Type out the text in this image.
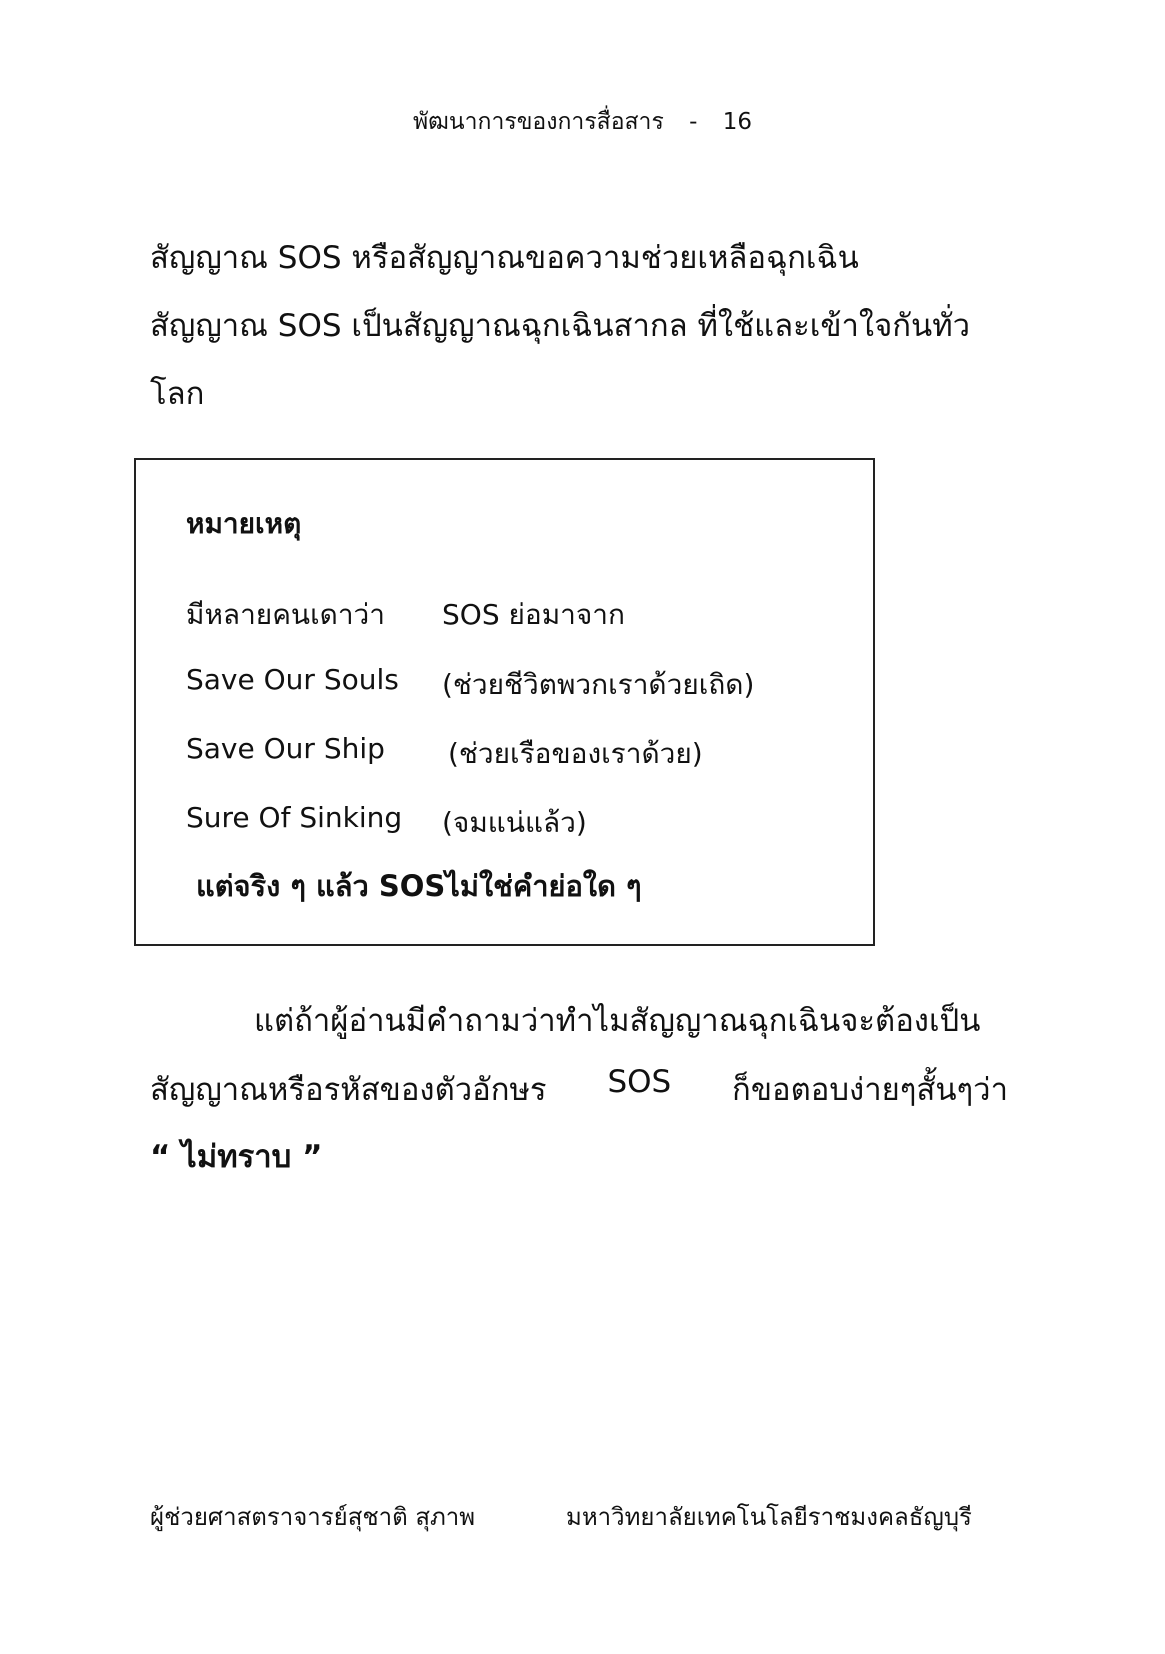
พัฒนาการของการสื่อสาร - 16
สัญญาณ SOS หรือสัญญาณขอความช่วยเหลือฉุกเฉิน
สัญญาณ SOS เป็นสัญญาณฉุกเฉินสากล ที่ใช้และเข้าใจกันทั่ว
โลก
หมายเหตุ
มีหลายคนเดาว่า SOS ย่อมาจาก
Save Our Souls (ช่วยชีวิตพวกเราด้วยเถิด)
Save Our Ship (ช่วยเรือของเราด้วย)
Sure Of Sinking (จมแน่แล้ว)
แต่จริง ๆ แล้ว SOSไม่ใช่คำย่อใด ๆ
แต่ถ้าผู้อ่านมีคำถามว่าทำไมสัญญาณฉุกเฉินจะต้องเป็น
สัญญาณหรือรหัสของตัวอักษร SOS ก็ขอตอบง่ายๆสั้นๆว่า
“ ไม่ทราบ ”
ผู้ช่วยศาสตราจารย์สุชาติ สุภาพ	มหาวิทยาลัยเทคโนโลยีราชมงคลธัญบุรี
